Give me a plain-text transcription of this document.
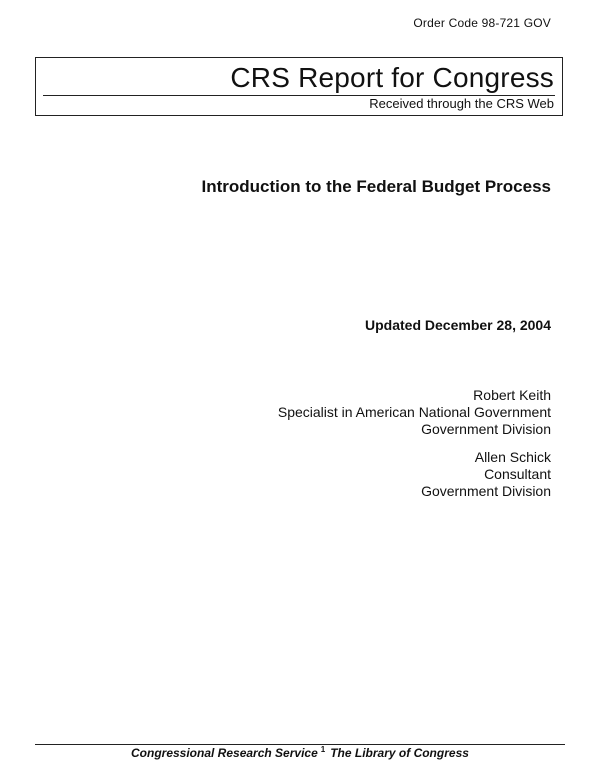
Order Code 98-721 GOV
CRS Report for Congress
Received through the CRS Web
Introduction to the Federal Budget Process
Updated December 28, 2004
Robert Keith
Specialist in American National Government
Government Division
Allen Schick
Consultant
Government Division
Congressional Research Service $^1$ The Library of Congress
